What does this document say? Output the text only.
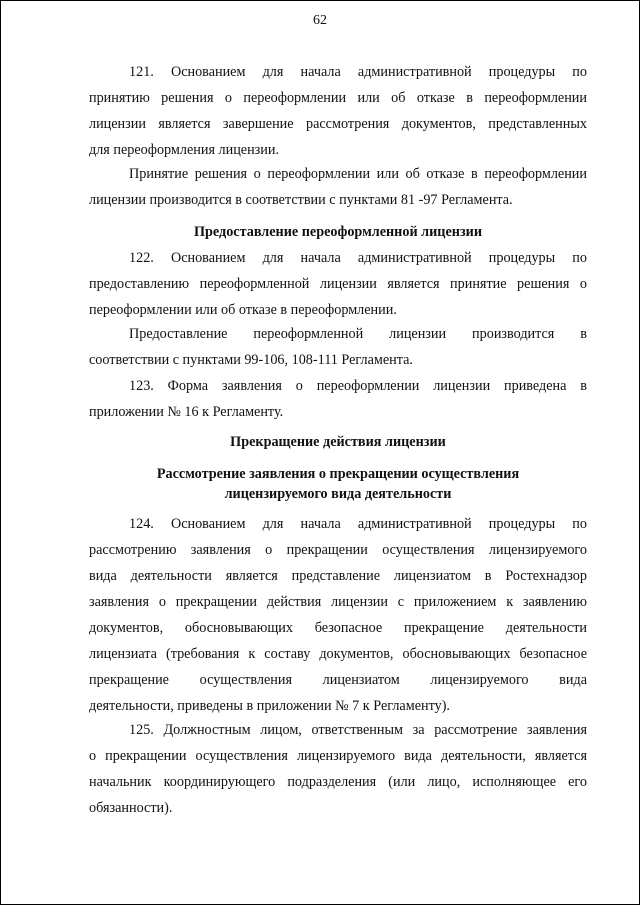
62
121. Основанием для начала административной процедуры по
принятию решения о переоформлении или об отказе в переоформлении
лицензии является завершение рассмотрения документов, представленных
для переоформления лицензии.
Принятие решения о переоформлении или об отказе в переоформлении
лицензии производится в соответствии с пунктами 81 -97 Регламента.
Предоставление переоформленной лицензии
122. Основанием для начала административной процедуры по
предоставлению переоформленной лицензии является принятие решения о
переоформлении или об отказе в переоформлении.
Предоставление переоформленной лицензии производится в
соответствии с пунктами 99-106, 108-111 Регламента.
123. Форма заявления о переоформлении лицензии приведена в
приложении № 16 к Регламенту.
Прекращение действия лицензии
Рассмотрение заявления о прекращении осуществления
лицензируемого вида деятельности
124. Основанием для начала административной процедуры по
рассмотрению заявления о прекращении осуществления лицензируемого
вида деятельности является представление лицензиатом в Ростехнадзор
заявления о прекращении действия лицензии с приложением к заявлению
документов, обосновывающих безопасное прекращение деятельности
лицензиата (требования к составу документов, обосновывающих безопасное
прекращение осуществления лицензиатом лицензируемого вида
деятельности, приведены в приложении № 7 к Регламенту).
125. Должностным лицом, ответственным за рассмотрение заявления
о прекращении осуществления лицензируемого вида деятельности, является
начальник координирующего подразделения (или лицо, исполняющее его
обязанности).
